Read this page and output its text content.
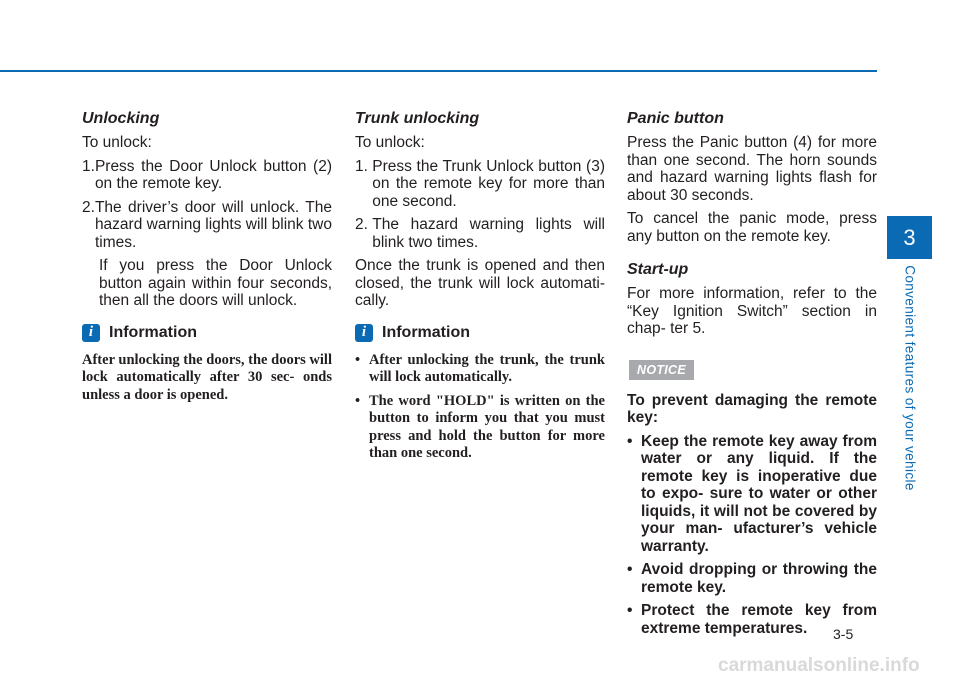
Unlocking

To unlock:

1. Press the Door Unlock button (2) on the remote key.
2. The driver’s door will unlock. The hazard warning lights will blink two times.

If you press the Door Unlock button again within four seconds, then all the doors will unlock.

i Information

After unlocking the doors, the doors will lock automatically after 30 sec- onds unless a door is opened.

Trunk unlocking

To unlock:

1. Press the Trunk Unlock button (3) on the remote key for more than one second.
2. The hazard warning lights will blink two times.

Once the trunk is opened and then closed, the trunk will lock automati- cally.

i Information
• After unlocking the trunk, the trunk will lock automatically.
• The word "HOLD" is written on the button to inform you that you must press and hold the button for more than one second.
Panic button

Press the Panic button (4) for more than one second. The horn sounds and hazard warning lights flash for about 30 seconds.

To cancel the panic mode, press any button on the remote key.

Start-up

For more information, refer to the “Key Ignition Switch” section in chap- ter 5.

NOTICE

To prevent damaging the remote key:

• Keep the remote key away from water or any liquid. If the remote key is inoperative due to expo- sure to water or other liquids, it will not be covered by your man- ufacturer’s vehicle warranty.
• Avoid dropping or throwing the remote key.
• Protect the remote key from extreme temperatures.
3
Convenient features of your vehicle
3-5
carmanualsonline.info
